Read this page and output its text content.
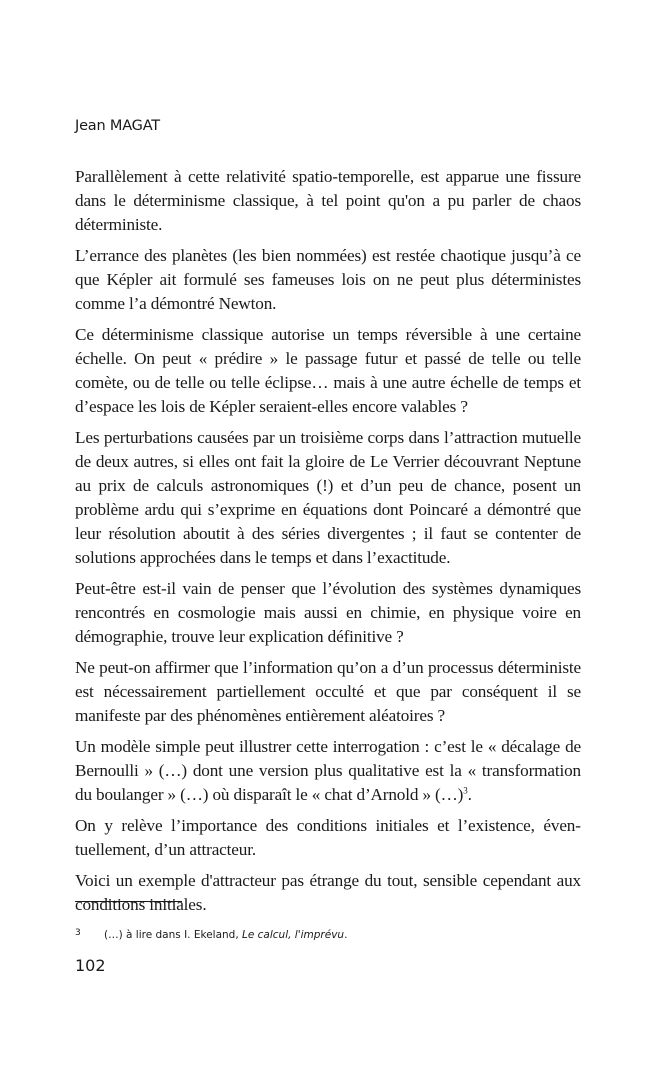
Jean MAGAT

Parallèlement à cette relativité spatio-temporelle, est apparue une fissure dans le déterminisme classique, à tel point qu'on a pu parler de chaos déterministe.

L’errance des planètes (les bien nommées) est restée chaotique jusqu’à ce que Képler ait formulé ses fameuses lois on ne peut plus déterministes comme l’a démontré Newton.

Ce déterminisme classique autorise un temps réversible à une certaine échelle. On peut « prédire » le passage futur et passé de telle ou telle comète, ou de telle ou telle éclipse… mais à une autre échelle de temps et d’espace les lois de Képler seraient-elles encore valables ?

Les perturbations causées par un troisième corps dans l’attraction mutuelle de deux autres, si elles ont fait la gloire de Le Verrier découvrant Neptune au prix de calculs astronomiques (!) et d’un peu de chance, posent un problème ardu qui s’exprime en équations dont Poincaré a démontré que leur résolution aboutit à des séries divergentes ; il faut se contenter de solutions approchées dans le temps et dans l’exactitude.

Peut-être est-il vain de penser que l’évolution des systèmes dynamiques rencontrés en cosmologie mais aussi en chimie, en physique voire en démographie, trouve leur explication définitive ?

Ne peut-on affirmer que l’information qu’on a d’un processus déterministe est nécessairement partiellement occulté et que par conséquent il se manifeste par des phénomènes entièrement aléatoires ?

Un modèle simple peut illustrer cette interrogation : c’est le « décalage de Bernoulli » (…) dont une version plus qualitative est la « transformation du boulanger » (…) où disparaît le « chat d’Arnold » (…)$^3$.

On y relève l’importance des conditions initiales et l’existence, éventuellement, d’un attracteur.

Voici un exemple d'attracteur pas étrange du tout, sensible cependant aux conditions initiales.

3 (…) à lire dans I. Ekeland, Le calcul, l'imprévu.
102
